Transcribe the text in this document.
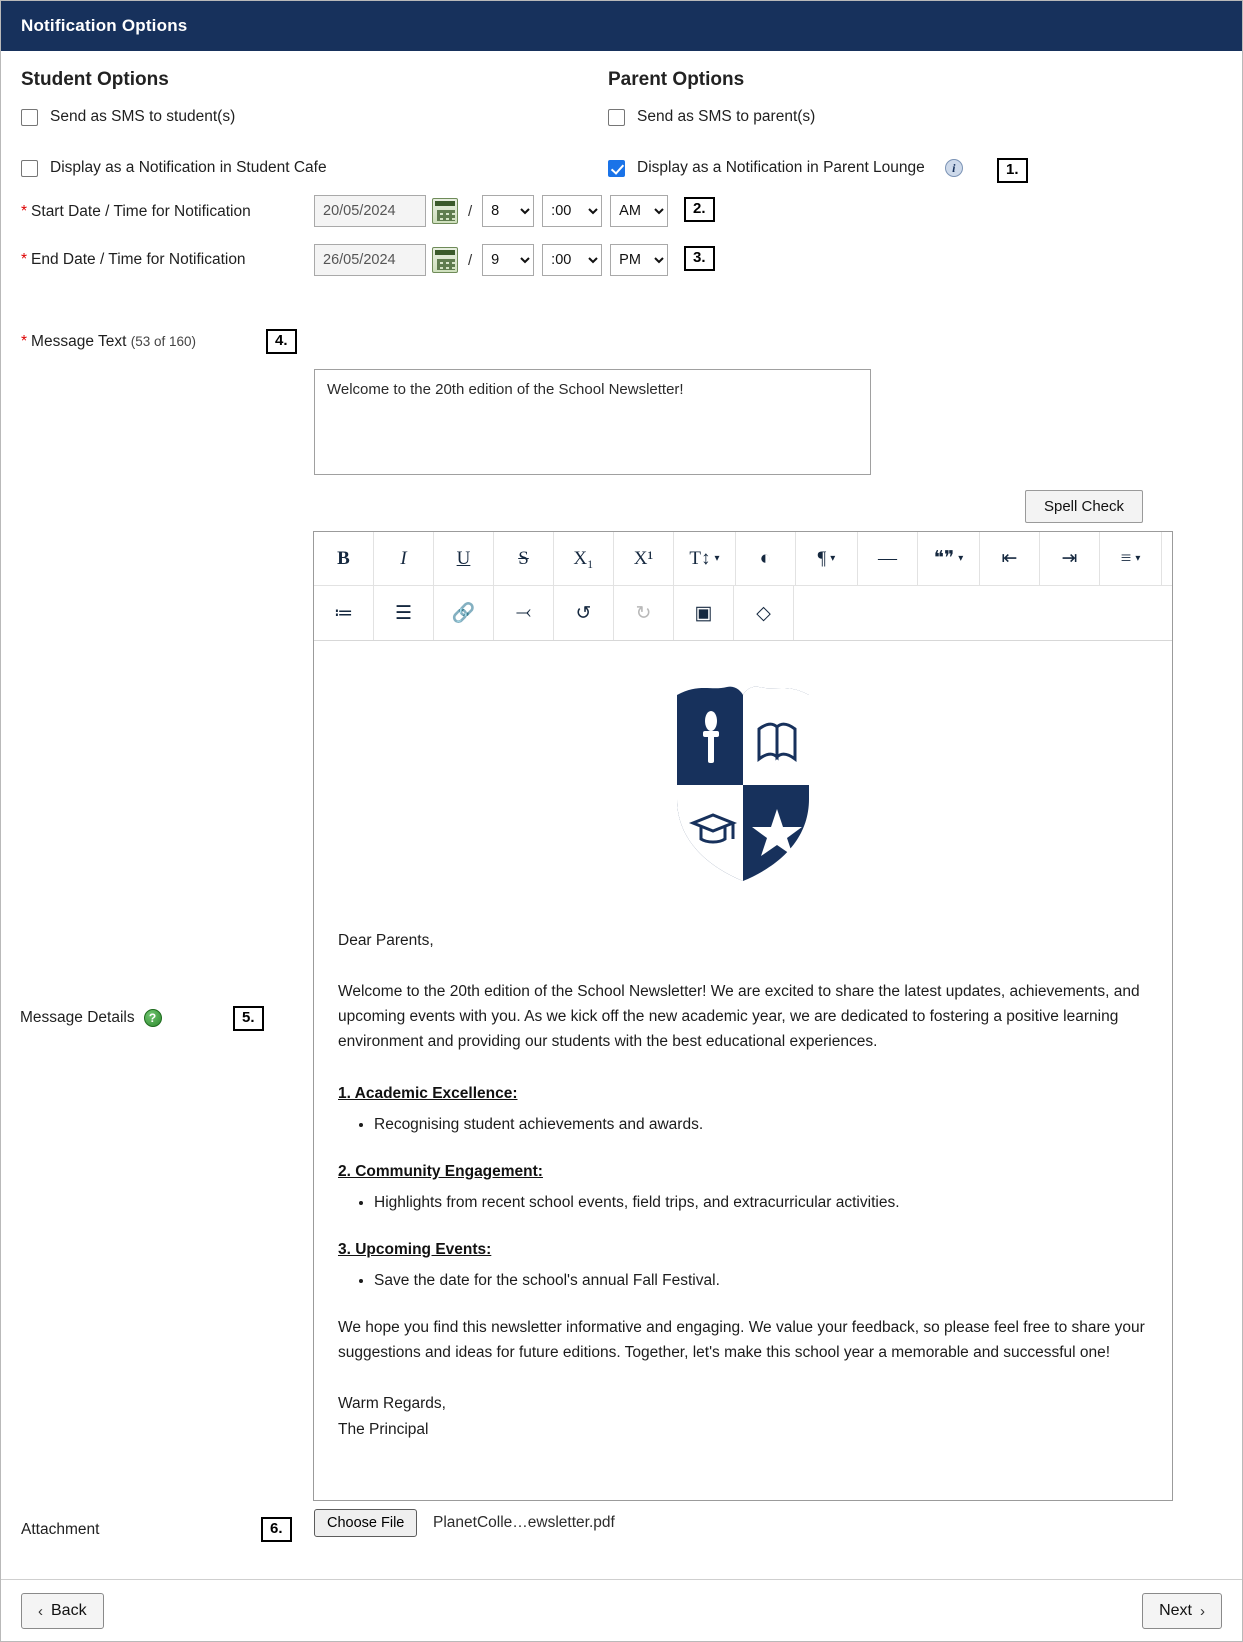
Notification Options
Student Options	Parent Options
Send as SMS to student(s)
Display as a Notification in Student Cafe
Send as SMS to parent(s)
Display as a Notification in Parent Lounge	i	1.
* Start Date / Time for Notification
20/05/2024	/
8
:00
AM	2.
* End Date / Time for Notification
26/05/2024	/
9
:00
PM	3.
* Message Text (53 of 160)	4.
Welcome to the 20th edition of the School Newsletter!
Spell Check
Message Details	?	5.
B	I	U	S	X₁	X¹	T↕ ▾	◐	¶ ▾	—	❝❞ ▾	⇤	⇥	≡ ▾
≔	☰	🔗	⤙	↺	↻	▣	◇

Dear Parents,

Welcome to the 20th edition of the School Newsletter! We are excited to share the latest updates, achievements, and upcoming events with you. As we kick off the new academic year, we are dedicated to fostering a positive learning environment and providing our students with the best educational experiences.

1. Academic Excellence:

• Recognising student achievements and awards.

2. Community Engagement:

• Highlights from recent school events, field trips, and extracurricular activities.

3. Upcoming Events:

• Save the date for the school's annual Fall Festival.

We hope you find this newsletter informative and engaging. We value your feedback, so please feel free to share your suggestions and ideas for future editions. Together, let's make this school year a memorable and successful one!

Warm Regards,

The Principal

Attachment	6.	Choose File	PlanetColle…ewsletter.pdf
‹ Back	Next ›
